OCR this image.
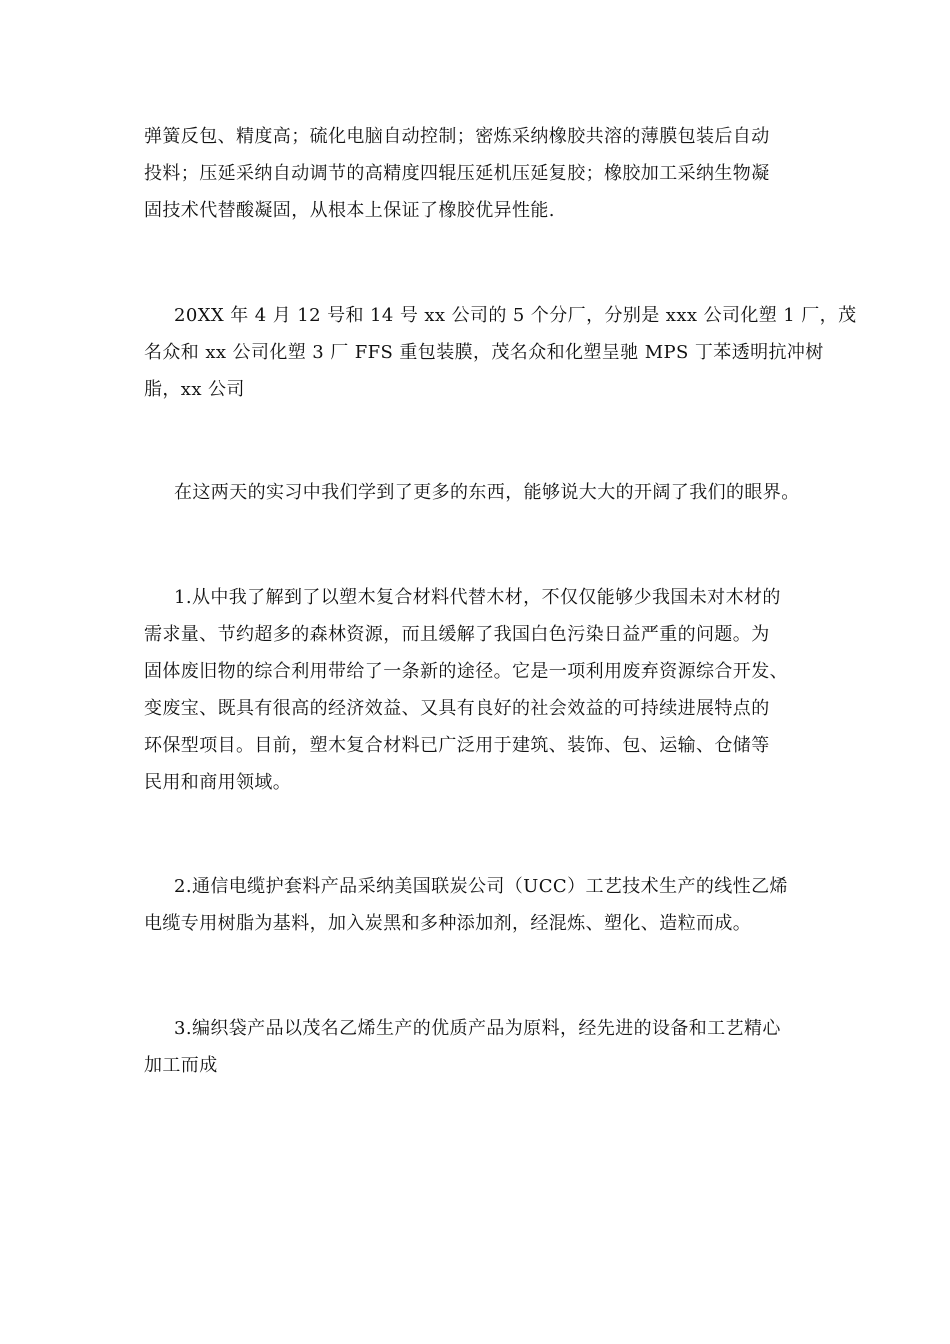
弹簧反包、精度高；硫化电脑自动控制；密炼采纳橡胶共溶的薄膜包装后自动
投料；压延采纳自动调节的高精度四辊压延机压延复胶；橡胶加工采纳生物凝
固技术代替酸凝固，从根本上保证了橡胶优异性能.

20XX 年 4 月 12 号和 14 号 xx 公司的 5 个分厂，分别是 xxx 公司化塑 1 厂，茂
名众和 xx 公司化塑 3 厂 FFS 重包装膜，茂名众和化塑呈驰 MPS 丁苯透明抗冲树
脂，xx 公司

在这两天的实习中我们学到了更多的东西，能够说大大的开阔了我们的眼界。

1.从中我了解到了以塑木复合材料代替木材，不仅仅能够少我国未对木材的
需求量、节约超多的森林资源，而且缓解了我国白色污染日益严重的问题。为
固体废旧物的综合利用带给了一条新的途径。它是一项利用废弃资源综合开发、
变废宝、既具有很高的经济效益、又具有良好的社会效益的可持续进展特点的
环保型项目。目前，塑木复合材料已广泛用于建筑、装饰、包、运输、仓储等
民用和商用领域。

2.通信电缆护套料产品采纳美国联炭公司（UCC）工艺技术生产的线性乙烯
电缆专用树脂为基料，加入炭黑和多种添加剂，经混炼、塑化、造粒而成。

3.编织袋产品以茂名乙烯生产的优质产品为原料，经先进的设备和工艺精心
加工而成
